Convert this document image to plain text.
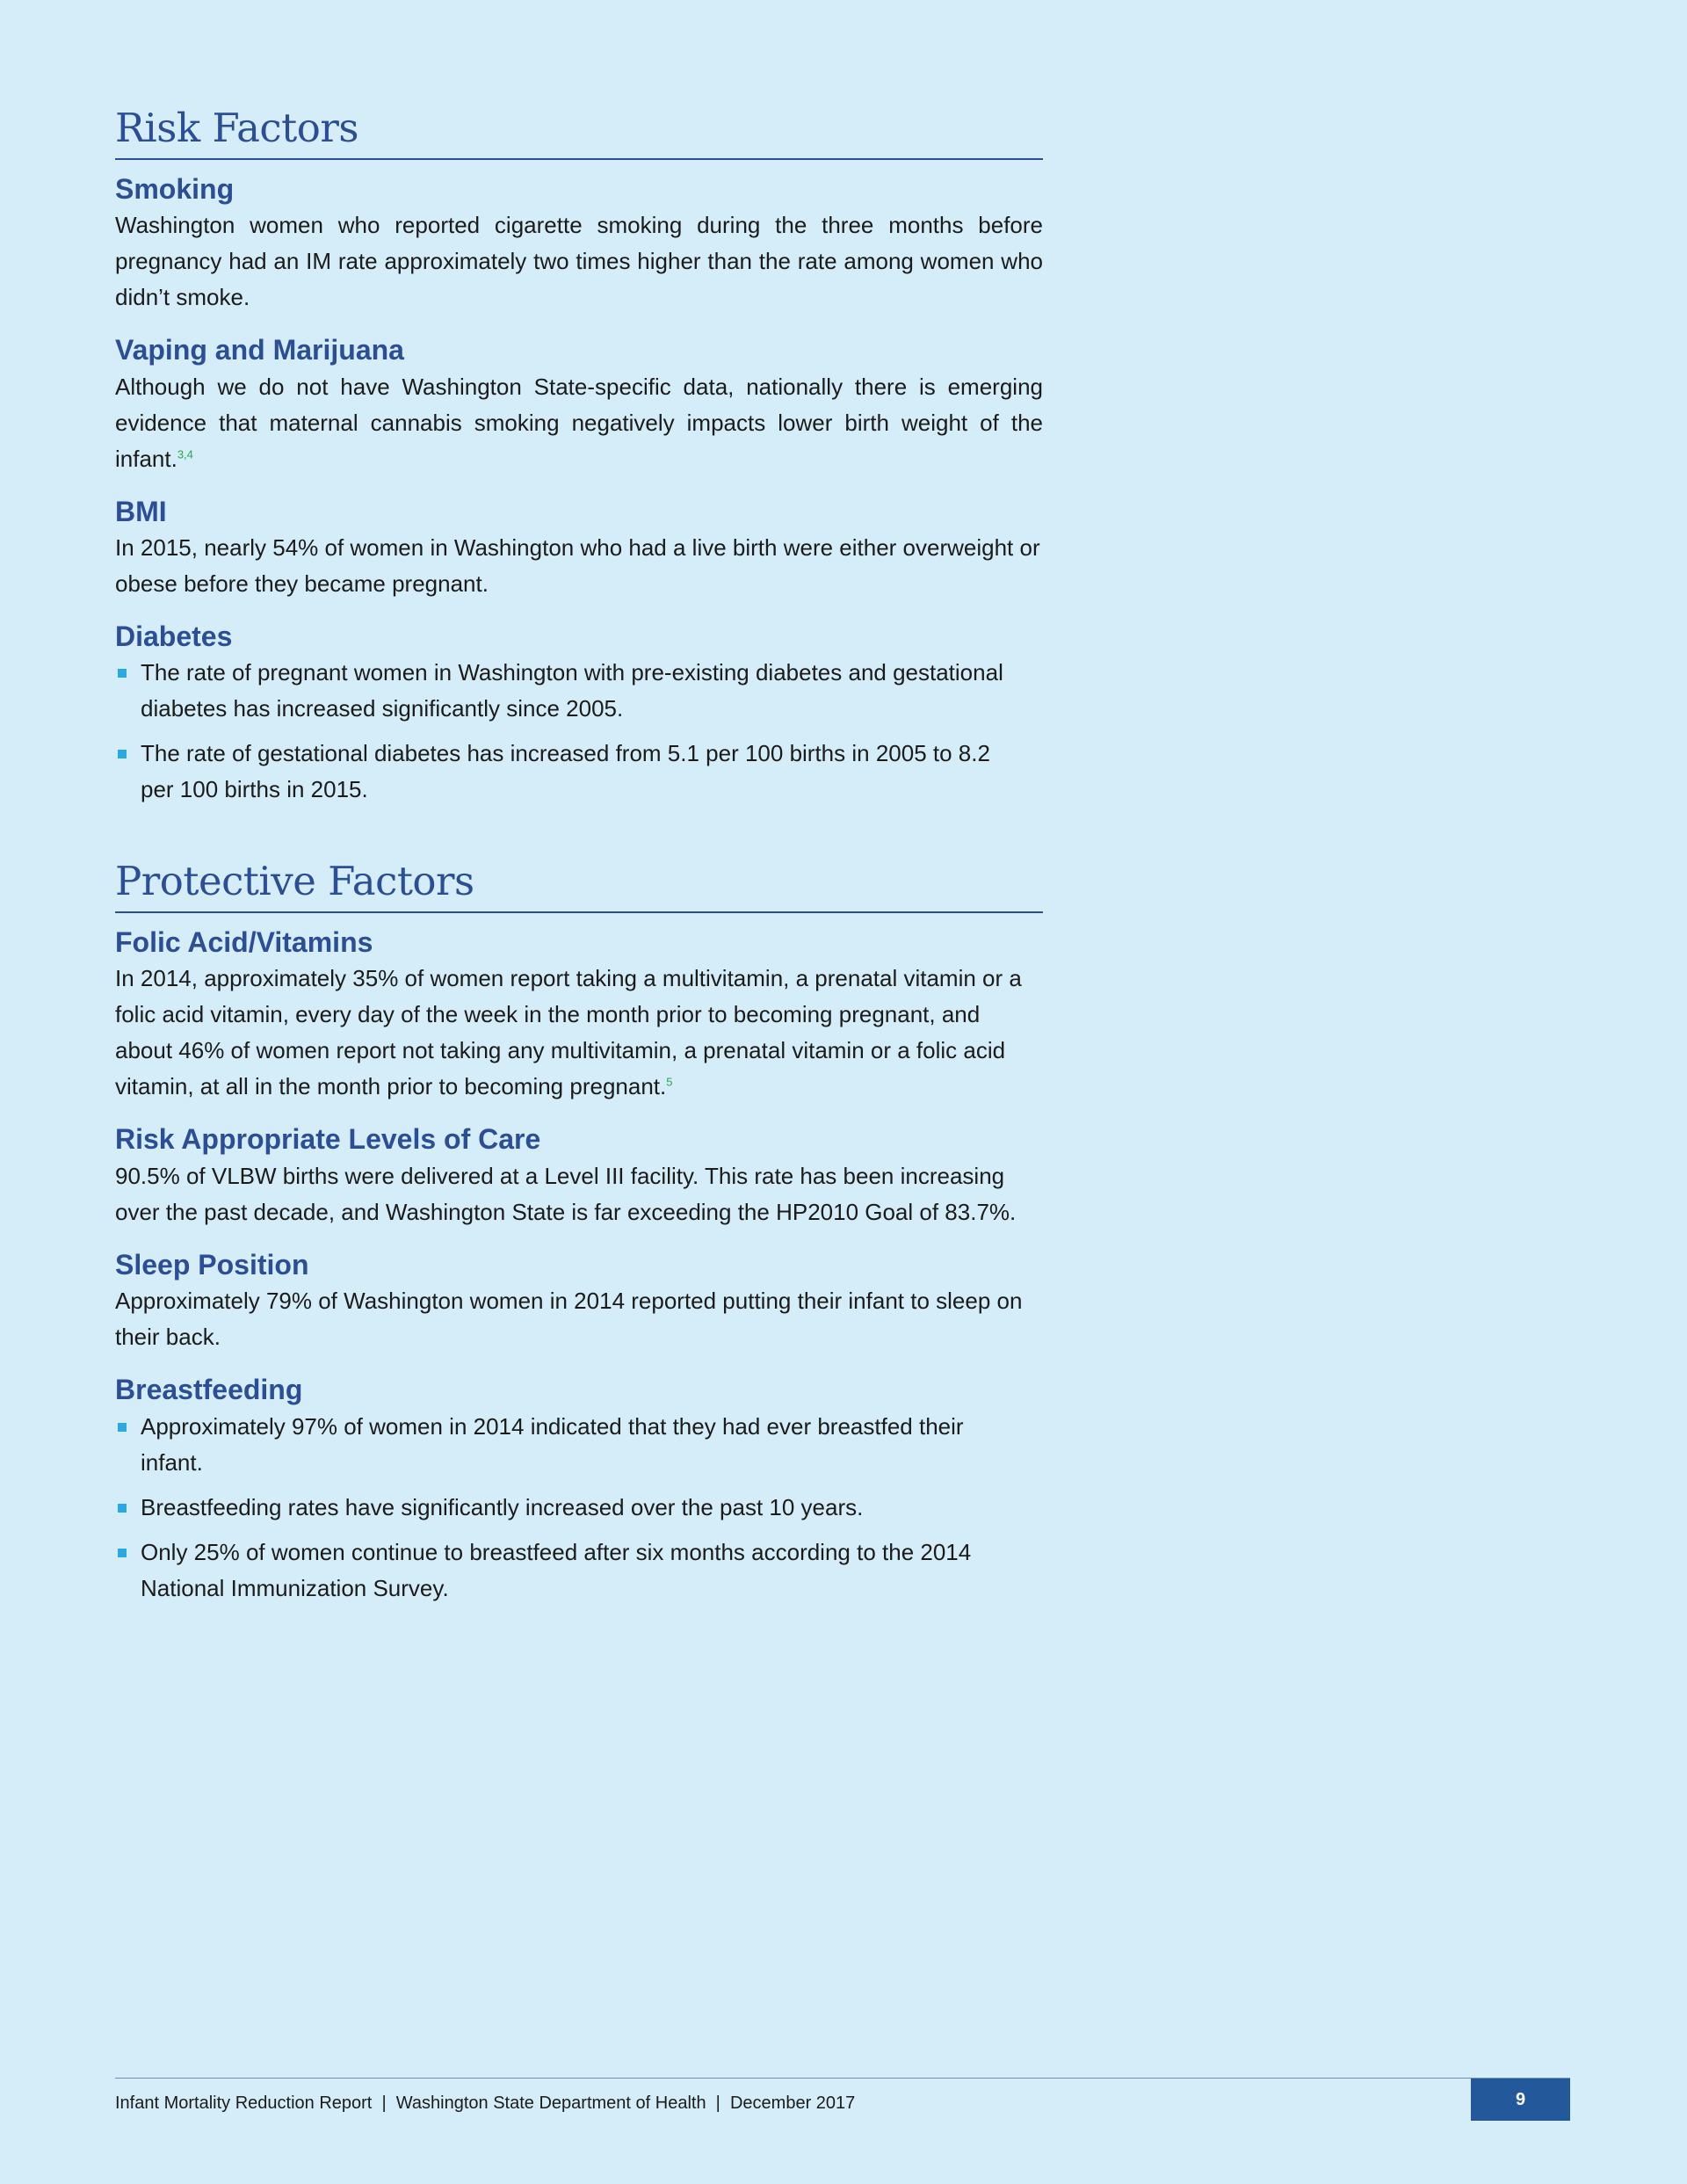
Risk Factors
Smoking

Washington women who reported cigarette smoking during the three months before pregnancy had an IM rate approximately two times higher than the rate among women who didn’t smoke.

Vaping and Marijuana

Although we do not have Washington State-specific data, nationally there is emerging evidence that maternal cannabis smoking negatively impacts lower birth weight of the infant.$^{3,4}$

BMI

In 2015, nearly 54% of women in Washington who had a live birth were either overweight or obese before they became pregnant.

Diabetes
The rate of pregnant women in Washington with pre-existing diabetes and gestational diabetes has increased significantly since 2005.
The rate of gestational diabetes has increased from 5.1 per 100 births in 2005 to 8.2 per 100 births in 2015.
Protective Factors
Folic Acid/Vitamins

In 2014, approximately 35% of women report taking a multivitamin, a prenatal vitamin or a folic acid vitamin, every day of the week in the month prior to becoming pregnant, and about 46% of women report not taking any multivitamin, a prenatal vitamin or a folic acid vitamin, at all in the month prior to becoming pregnant.$^5$

Risk Appropriate Levels of Care

90.5% of VLBW births were delivered at a Level III facility. This rate has been increasing over the past decade, and Washington State is far exceeding the HP2010 Goal of 83.7%.

Sleep Position

Approximately 79% of Washington women in 2014 reported putting their infant to sleep on their back.

Breastfeeding
Approximately 97% of women in 2014 indicated that they had ever breastfed their infant.
Breastfeeding rates have significantly increased over the past 10 years.
Only 25% of women continue to breastfeed after six months according to the 2014 National Immunization Survey.
Infant Mortality Reduction Report  |  Washington State Department of Health  |  December 2017	9
